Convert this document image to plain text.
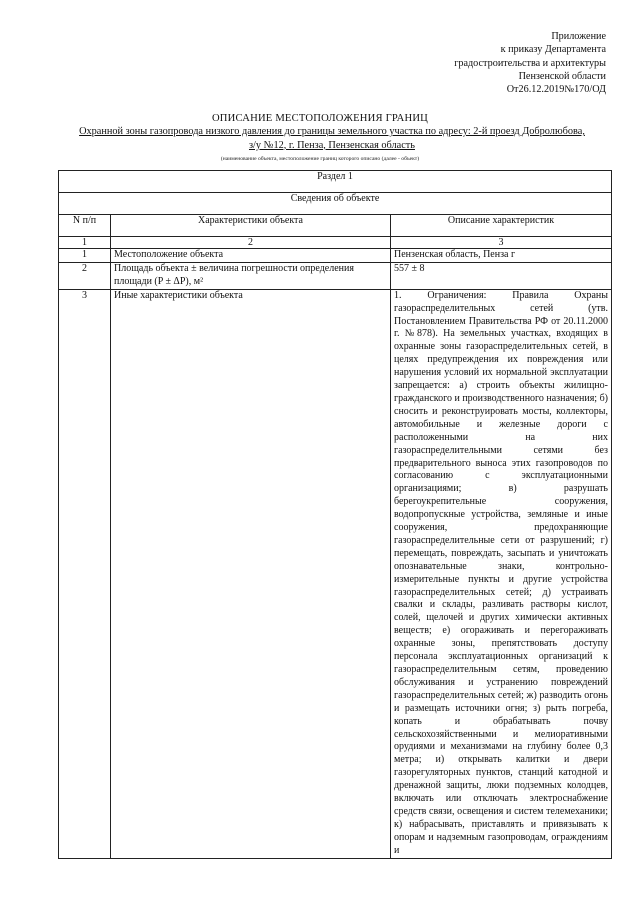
Приложение
к приказу Департамента
градостроительства и архитектуры
Пензенской области
От26.12.2019№170/ОД
ОПИСАНИЕ МЕСТОПОЛОЖЕНИЯ ГРАНИЦ
Охранной зоны газопровода низкого давления до границы земельного участка по адресу: 2-й проезд Добролюбова,
з/у №12, г. Пенза, Пензенская область
(наименование объекта, местоположение границ которого описано (далее - объект)
Раздел 1		
Сведения об объекте		
N п/п	Характеристики объекта	Описание характеристик
1	2	3
1	Местоположение объекта	Пензенская область, Пенза г
2	Площадь объекта ± величина погрешности определения площади (P ± ΔP), м²	557 ± 8
3	Иные характеристики объекта	1. Ограничения: Правила Охраны газораспределительных сетей (утв. Постановлением Правительства РФ от 20.11.2000 г. №878). На земельных участках, входящих в охранные зоны газораспределительных сетей, в целях предупреждения их повреждения или нарушения условий их нормальной эксплуатации запрещается: а) строить объекты жилищно-гражданского и производственного назначения; б) сносить и реконструировать мосты, коллекторы, автомобильные и железные дороги с расположенными на них газораспределительными сетями без предварительного выноса этих газопроводов по согласованию с эксплуатационными организациями; в) разрушать берегоукрепительные сооружения, водопропускные устройства, земляные и иные сооружения, предохраняющие газораспределительные сети от разрушений; г) перемещать, повреждать, засыпать и уничтожать опознавательные знаки, контрольно-измерительные пункты и другие устройства газораспределительных сетей; д) устраивать свалки и склады, разливать растворы кислот, солей, щелочей и других химически активных веществ; е) огораживать и перегораживать охранные зоны, препятствовать доступу персонала эксплуатационных организаций к газораспределительным сетям, проведению обслуживания и устранению повреждений газораспределительных сетей; ж) разводить огонь и размещать источники огня; з) рыть погреба, копать и обрабатывать почву сельскохозяйственными и мелиоративными орудиями и механизмами на глубину более 0,3 метра; и) открывать калитки и двери газорегуляторных пунктов, станций катодной и дренажной защиты, люки подземных колодцев, включать или отключать электроснабжение средств связи, освещения и систем телемеханики; к) набрасывать, приставлять и привязывать к опорам и надземным газопроводам, ограждениям и
